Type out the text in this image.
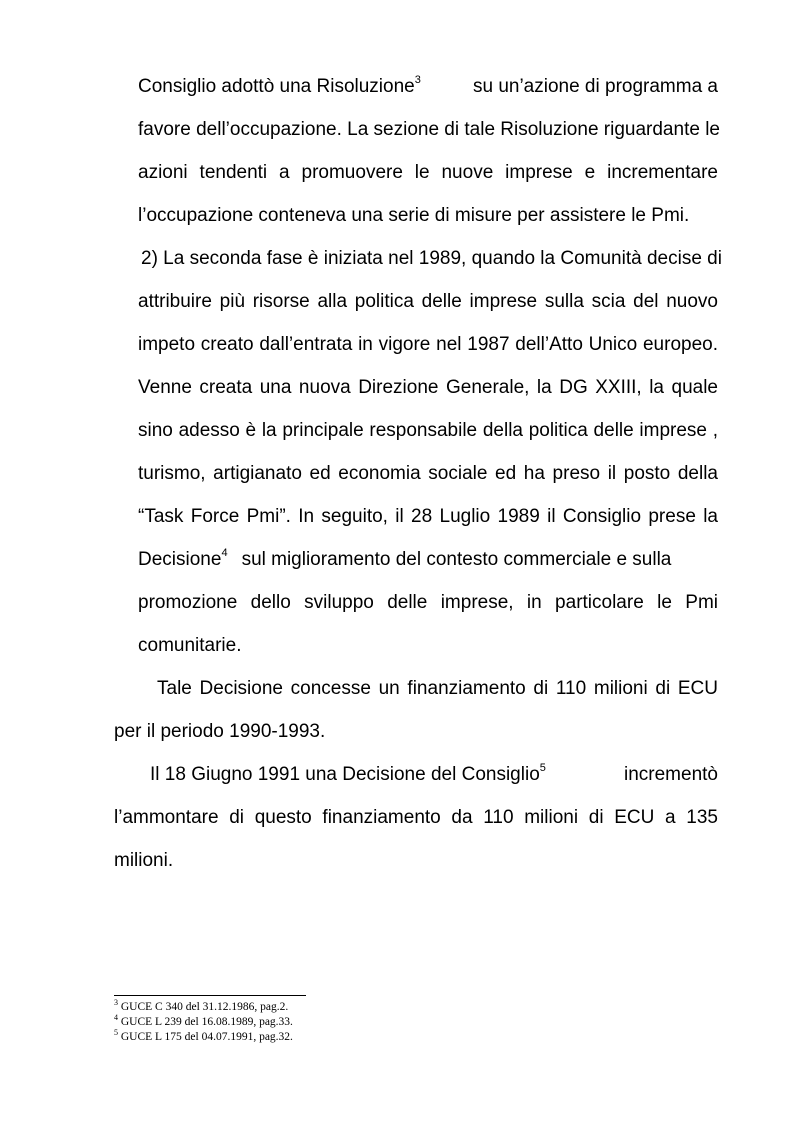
Consiglio adottò una Risoluzione$^3$	su un’azione di programma a
favore dell’occupazione. La sezione di tale Risoluzione riguardante le
azioni tendenti a promuovere le nuove imprese e incrementare
l’occupazione conteneva una serie di misure per assistere le Pmi.
2) La seconda fase è iniziata nel 1989, quando la Comunità decise di
attribuire più risorse alla politica delle imprese sulla scia del nuovo
impeto creato dall’entrata in vigore nel 1987 dell’Atto Unico europeo.
Venne creata una nuova Direzione Generale, la DG XXIII, la quale
sino adesso è la principale responsabile della politica delle imprese ,
turismo, artigianato ed economia sociale ed ha preso il posto della
“Task Force Pmi”. In seguito, il 28 Luglio 1989 il Consiglio prese la
Decisione$^4$ sul miglioramento del contesto commerciale e sulla
promozione dello sviluppo delle imprese, in particolare le Pmi
comunitarie.
Tale Decisione concesse un finanziamento di 110 milioni di ECU
per il periodo 1990-1993.
Il 18 Giugno 1991 una Decisione del Consiglio$^5$	incrementò
l’ammontare di questo finanziamento da 110 milioni di ECU a 135
milioni.
$^3$ GUCE C 340 del 31.12.1986, pag.2.
$^4$ GUCE L 239 del 16.08.1989, pag.33.
$^5$ GUCE L 175 del 04.07.1991, pag.32.
